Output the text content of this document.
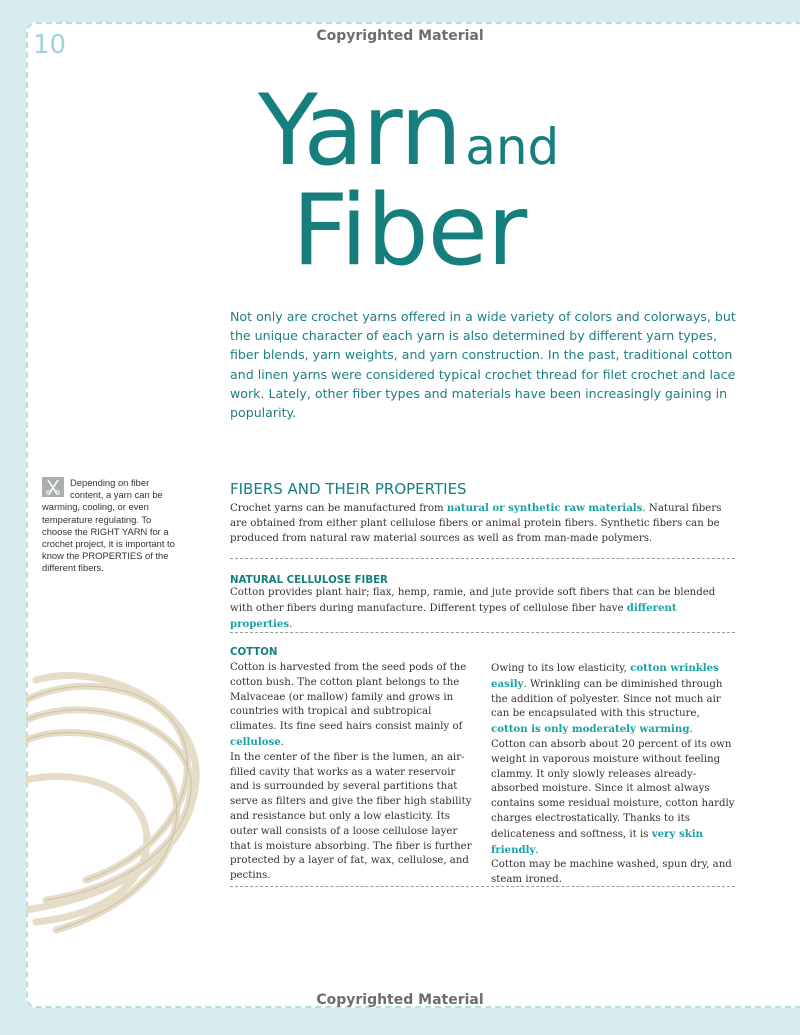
10	Copyrighted Material
Copyrighted Material
Yarn and
Fiber

Not only are crochet yarns offered in a wide variety of colors and colorways, but the unique character of each yarn is also determined by different yarn types, fiber blends, yarn weights, and yarn construction. In the past, traditional cotton and linen yarns were considered typical crochet thread for filet crochet and lace work. Lately, other fiber types and materials have been increasingly gaining in popularity.

Depending on fiber content, a yarn can be warming, cooling, or even temperature regulating. To choose the RIGHT YARN for a crochet project, it is important to know the PROPERTIES of the different fibers.
FIBERS AND THEIR PROPERTIES

Crochet yarns can be manufactured from natural or synthetic raw materials. Natural fibers are obtained from either plant cellulose fibers or animal protein fibers. Synthetic fibers can be produced from natural raw material sources as well as from man-made polymers.

NATURAL CELLULOSE FIBER

Cotton provides plant hair; flax, hemp, ramie, and jute provide soft fibers that can be blended with other fibers during manufacture. Different types of cellulose fiber have different properties.

COTTON

Cotton is harvested from the seed pods of the cotton bush. The cotton plant belongs to the Malvaceae (or mallow) family and grows in countries with tropical and subtropical climates. Its fine seed hairs consist mainly of cellulose.

In the center of the fiber is the lumen, an air-filled cavity that works as a water reservoir and is surrounded by several partitions that serve as filters and give the fiber high stability and resistance but only a low elasticity. Its outer wall consists of a loose cellulose layer that is moisture absorbing. The fiber is further protected by a layer of fat, wax, cellulose, and pectins.

Owing to its low elasticity, cotton wrinkles easily. Wrinkling can be diminished through the addition of polyester. Since not much air can be encapsulated with this structure, cotton is only moderately warming.

Cotton can absorb about 20 percent of its own weight in vaporous moisture without feeling clammy. It only slowly releases already-absorbed moisture. Since it almost always contains some residual moisture, cotton hardly charges electrostatically. Thanks to its delicateness and softness, it is very skin friendly.

Cotton may be machine washed, spun dry, and steam ironed.
